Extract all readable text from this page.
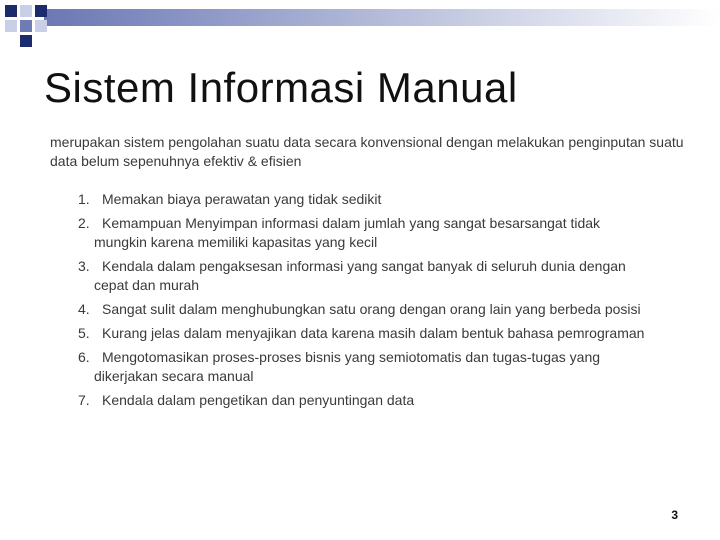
Sistem Informasi Manual
merupakan sistem pengolahan suatu data secara konvensional dengan melakukan penginputan suatu data belum sepenuhnya efektiv & efisien
1. Memakan biaya perawatan yang tidak sedikit
2. Kemampuan Menyimpan informasi dalam jumlah yang sangat besarsangat tidak
mungkin karena memiliki kapasitas yang kecil
3. Kendala dalam pengaksesan informasi yang sangat banyak di seluruh dunia dengan
cepat dan murah
4. Sangat sulit dalam menghubungkan satu orang dengan orang lain yang berbeda posisi
5. Kurang jelas dalam menyajikan data karena masih dalam bentuk bahasa pemrograman
6. Mengotomasikan proses-proses bisnis yang semiotomatis dan tugas-tugas yang
dikerjakan secara manual
7. Kendala dalam pengetikan dan penyuntingan data
3
